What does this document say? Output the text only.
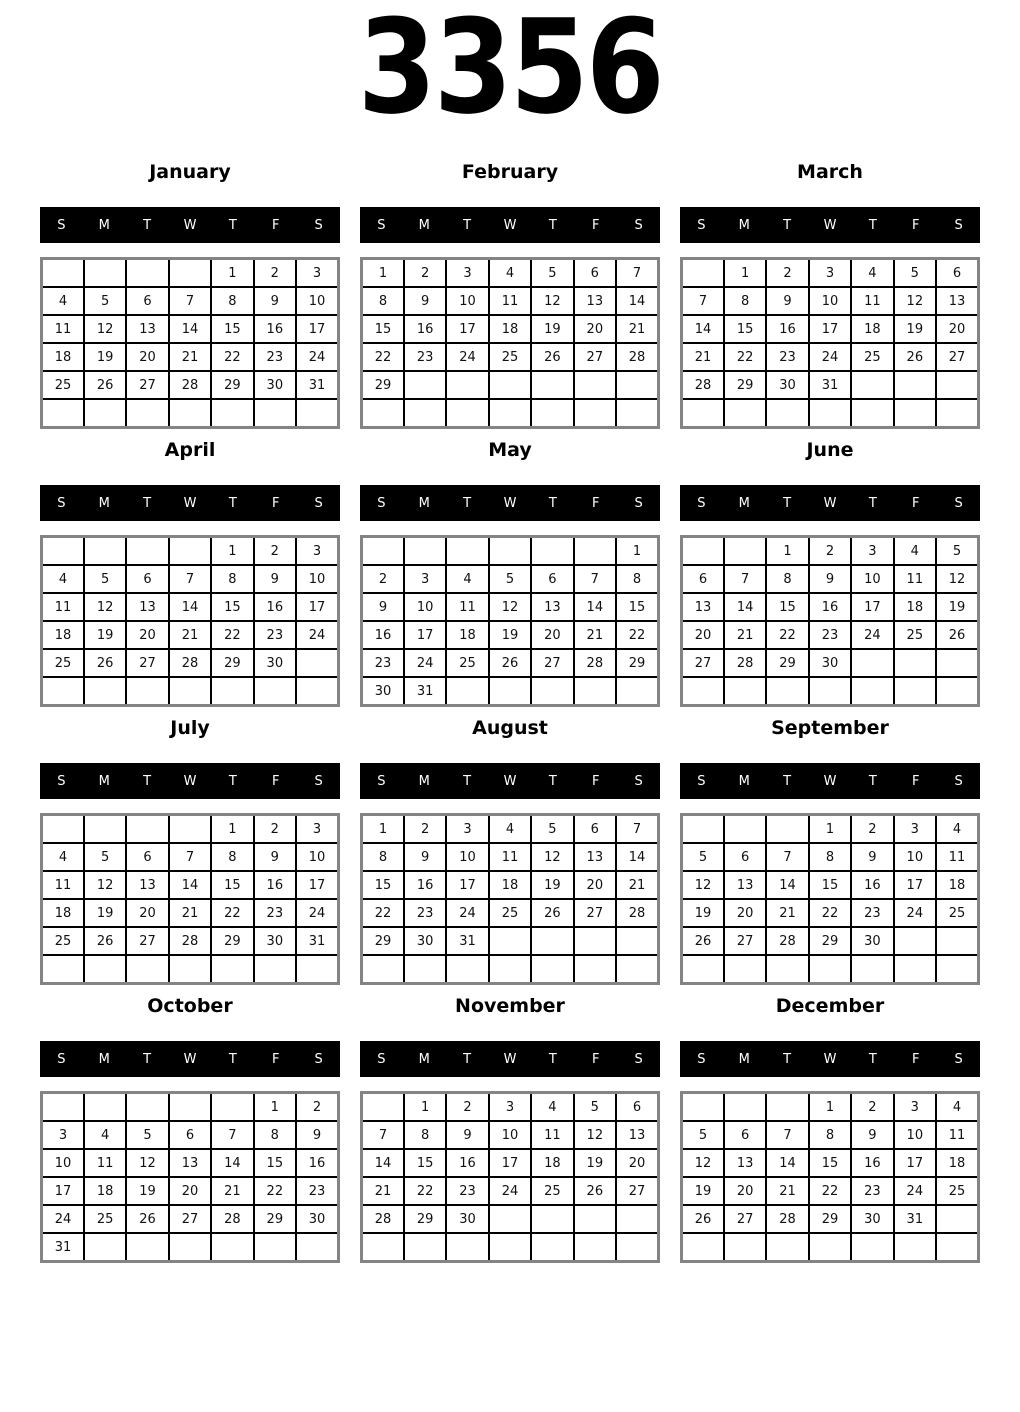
3356
January
S	M	T	W	T	F	S
				1	2	3
4	5	6	7	8	9	10
11	12	13	14	15	16	17
18	19	20	21	22	23	24
25	26	27	28	29	30	31

February
S	M	T	W	T	F	S
1	2	3	4	5	6	7
8	9	10	11	12	13	14
15	16	17	18	19	20	21
22	23	24	25	26	27	28
29						

March
S	M	T	W	T	F	S
	1	2	3	4	5	6
7	8	9	10	11	12	13
14	15	16	17	18	19	20
21	22	23	24	25	26	27
28	29	30	31			

April
S	M	T	W	T	F	S
				1	2	3
4	5	6	7	8	9	10
11	12	13	14	15	16	17
18	19	20	21	22	23	24
25	26	27	28	29	30	

May
S	M	T	W	T	F	S
						1
2	3	4	5	6	7	8
9	10	11	12	13	14	15
16	17	18	19	20	21	22
23	24	25	26	27	28	29
30	31					
June
S	M	T	W	T	F	S
		1	2	3	4	5
6	7	8	9	10	11	12
13	14	15	16	17	18	19
20	21	22	23	24	25	26
27	28	29	30			

July
S	M	T	W	T	F	S
				1	2	3
4	5	6	7	8	9	10
11	12	13	14	15	16	17
18	19	20	21	22	23	24
25	26	27	28	29	30	31

August
S	M	T	W	T	F	S
1	2	3	4	5	6	7
8	9	10	11	12	13	14
15	16	17	18	19	20	21
22	23	24	25	26	27	28
29	30	31				

September
S	M	T	W	T	F	S
			1	2	3	4
5	6	7	8	9	10	11
12	13	14	15	16	17	18
19	20	21	22	23	24	25
26	27	28	29	30		

October
S	M	T	W	T	F	S
					1	2
3	4	5	6	7	8	9
10	11	12	13	14	15	16
17	18	19	20	21	22	23
24	25	26	27	28	29	30
31						
November
S	M	T	W	T	F	S
	1	2	3	4	5	6
7	8	9	10	11	12	13
14	15	16	17	18	19	20
21	22	23	24	25	26	27
28	29	30				

December
S	M	T	W	T	F	S
			1	2	3	4
5	6	7	8	9	10	11
12	13	14	15	16	17	18
19	20	21	22	23	24	25
26	27	28	29	30	31	
